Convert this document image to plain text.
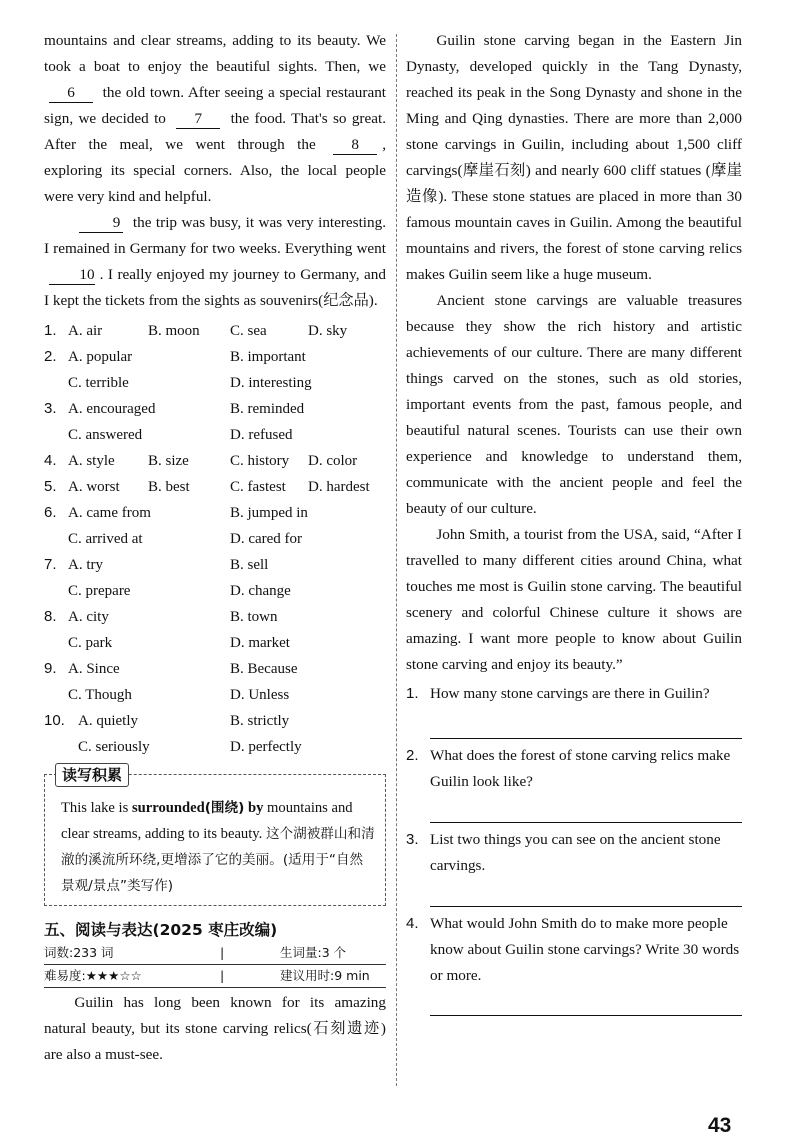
mountains and clear streams, adding to its beauty. We took a boat to enjoy the beautiful sights. Then, we 6 the old town. After seeing a special restaurant sign, we decided to 7 the food. That's so great. After the meal, we went through the 8 , exploring its special corners. Also, the local people were very kind and helpful.

9 the trip was busy, it was very interesting. I remained in Germany for two weeks. Everything went 10 . I really enjoyed my journey to Germany, and I kept the tickets from the sights as souvenirs(纪念品).

1. A. air	B. moon C. sea	D. sky
2. A. popular	B. important
C. terrible	D. interesting
3. A. encouraged	B. reminded
C. answered	D. refused
4. A. style B. size	C. history D. color
5. A. worst B. best	C. fastest D. hardest
6. A. came from	B. jumped in
C. arrived at	D. cared for
7. A. try	B. sell
C. prepare	D. change
8. A. city	B. town
C. park	D. market
9. A. Since	B. Because
C. Though	D. Unless
10. A. quietly	B. strictly
C. seriously	D. perfectly
读写积累
This lake is surrounded(围绕) by mountains and clear streams, adding to its beauty. 这个湖被群山和清澈的溪流所环绕,更增添了它的美丽。(适用于“自然景观/景点”类写作)
五、阅读与表达(2025 枣庄改编)
词数:233 词	|	生词量:3 个
难易度:★★★☆☆	|	建议用时:9 min

Guilin has long been known for its amazing natural beauty, but its stone carving relics(石刻遗迹) are also a must-see.

Guilin stone carving began in the Eastern Jin Dynasty, developed quickly in the Tang Dynasty, reached its peak in the Song Dynasty and shone in the Ming and Qing dynasties. There are more than 2,000 stone carvings in Guilin, including about 1,500 cliff carvings(摩崖石刻) and nearly 600 cliff statues (摩崖造像). These stone statues are placed in more than 30 famous mountain caves in Guilin. Among the beautiful mountains and rivers, the forest of stone carving relics makes Guilin seem like a huge museum.

Ancient stone carvings are valuable treasures because they show the rich history and artistic achievements of our culture. There are many different things carved on the stones, such as old stories, important events from the past, famous people, and beautiful natural scenes. Tourists can use their own experience and knowledge to understand them, communicate with the ancient people and feel the beauty of our culture.

John Smith, a tourist from the USA, said, “After I travelled to many different cities around China, what touches me most is Guilin stone carving. The beautiful scenery and colorful Chinese culture it shows are amazing. I want more people to know about Guilin stone carving and enjoy its beauty.”

1. How many stone carvings are there in Guilin?
2. What does the forest of stone carving relics make Guilin look like?
3. List two things you can see on the ancient stone carvings.
4. What would John Smith do to make more people know about Guilin stone carvings? Write 30 words or more.
43
